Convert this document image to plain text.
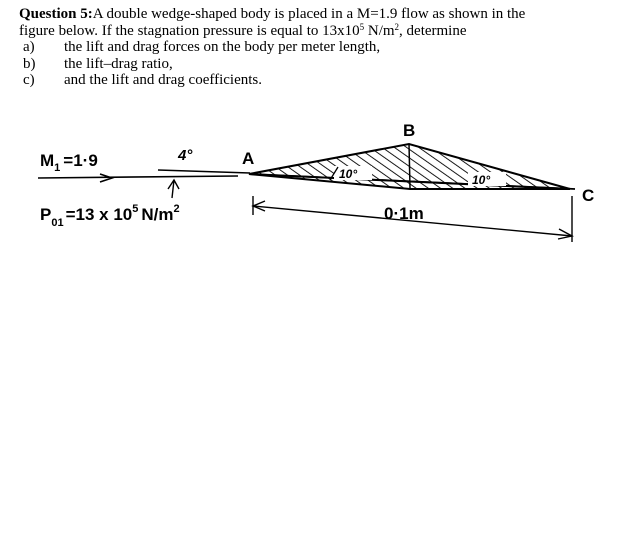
Question 5:A double wedge-shaped body is placed in a M=1.9 flow as shown in the
figure below. If the stagnation pressure is equal to $13x10^5$ $N/m^2$, determine
a) the lift and drag forces on the body per meter length,
b) the lift–drag ratio,
c) and the lift and drag coefficients.
$M_1 =1\cdot 9$	4°
$P_{01} =13$ x $10^5$ $N/m^2$
A
B
C
10°	10°
0·1m
